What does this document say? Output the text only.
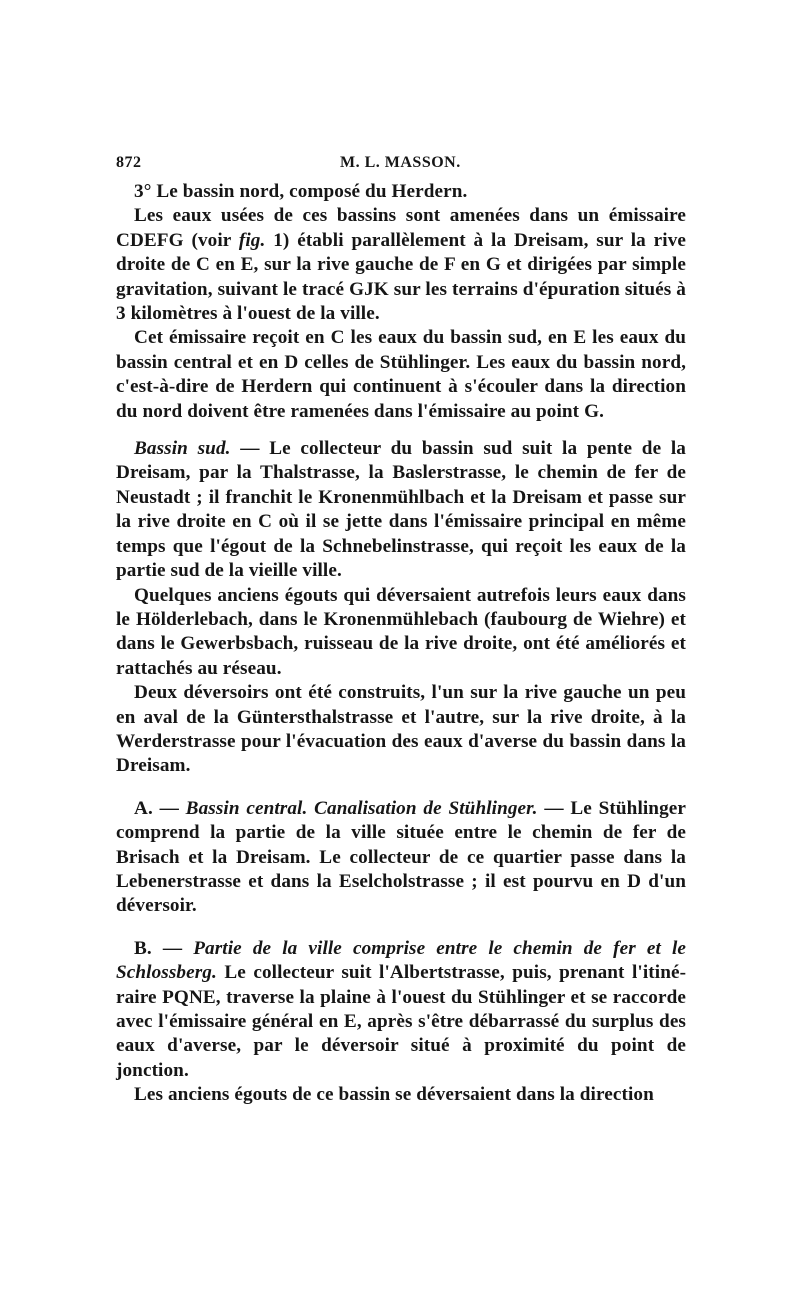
872	M. L. MASSON.

3° Le bassin nord, composé du Herdern.

Les eaux usées de ces bassins sont amenées dans un émissaire CDEFG (voir fig. 1) établi parallèlement à la Dreisam, sur la rive droite de C en E, sur la rive gauche de F en G et dirigées par simple gravitation, suivant le tracé GJK sur les terrains d'épuration situés à 3 kilomètres à l'ouest de la ville.

Cet émissaire reçoit en C les eaux du bassin sud, en E les eaux du bassin central et en D celles de Stühlinger. Les eaux du bassin nord, c'est-à-dire de Herdern qui continuent à s'écouler dans la direction du nord doivent être ramenées dans l'émissaire au point G.

Bassin sud. — Le collecteur du bassin sud suit la pente de la Dreisam, par la Thalstrasse, la Baslerstrasse, le chemin de fer de Neustadt ; il franchit le Kronenmühlbach et la Dreisam et passe sur la rive droite en C où il se jette dans l'émissaire principal en même temps que l'égout de la Schnebelinstrasse, qui reçoit les eaux de la partie sud de la vieille ville.

Quelques anciens égouts qui déversaient autrefois leurs eaux dans le Hölderlebach, dans le Kronenmühlebach (faubourg de Wiehre) et dans le Gewerbsbach, ruisseau de la rive droite, ont été améliorés et rattachés au réseau.

Deux déversoirs ont été construits, l'un sur la rive gauche un peu en aval de la Güntersthalstrasse et l'autre, sur la rive droite, à la Werderstrasse pour l'évacuation des eaux d'averse du bassin dans la Dreisam.

A. — Bassin central. Canalisation de Stühlinger. — Le Stühlinger comprend la partie de la ville située entre le chemin de fer de Brisach et la Dreisam. Le collecteur de ce quartier passe dans la Lebenerstrasse et dans la Eselcholstrasse ; il est pourvu en D d'un déversoir.

B. — Partie de la ville comprise entre le chemin de fer et le Schlossberg. Le collecteur suit l'Albertstrasse, puis, prenant l'itinéraire PQNE, traverse la plaine à l'ouest du Stühlinger et se raccorde avec l'émissaire général en E, après s'être débarrassé du surplus des eaux d'averse, par le déversoir situé à proximité du point de jonction.

Les anciens égouts de ce bassin se déversaient dans la direction
